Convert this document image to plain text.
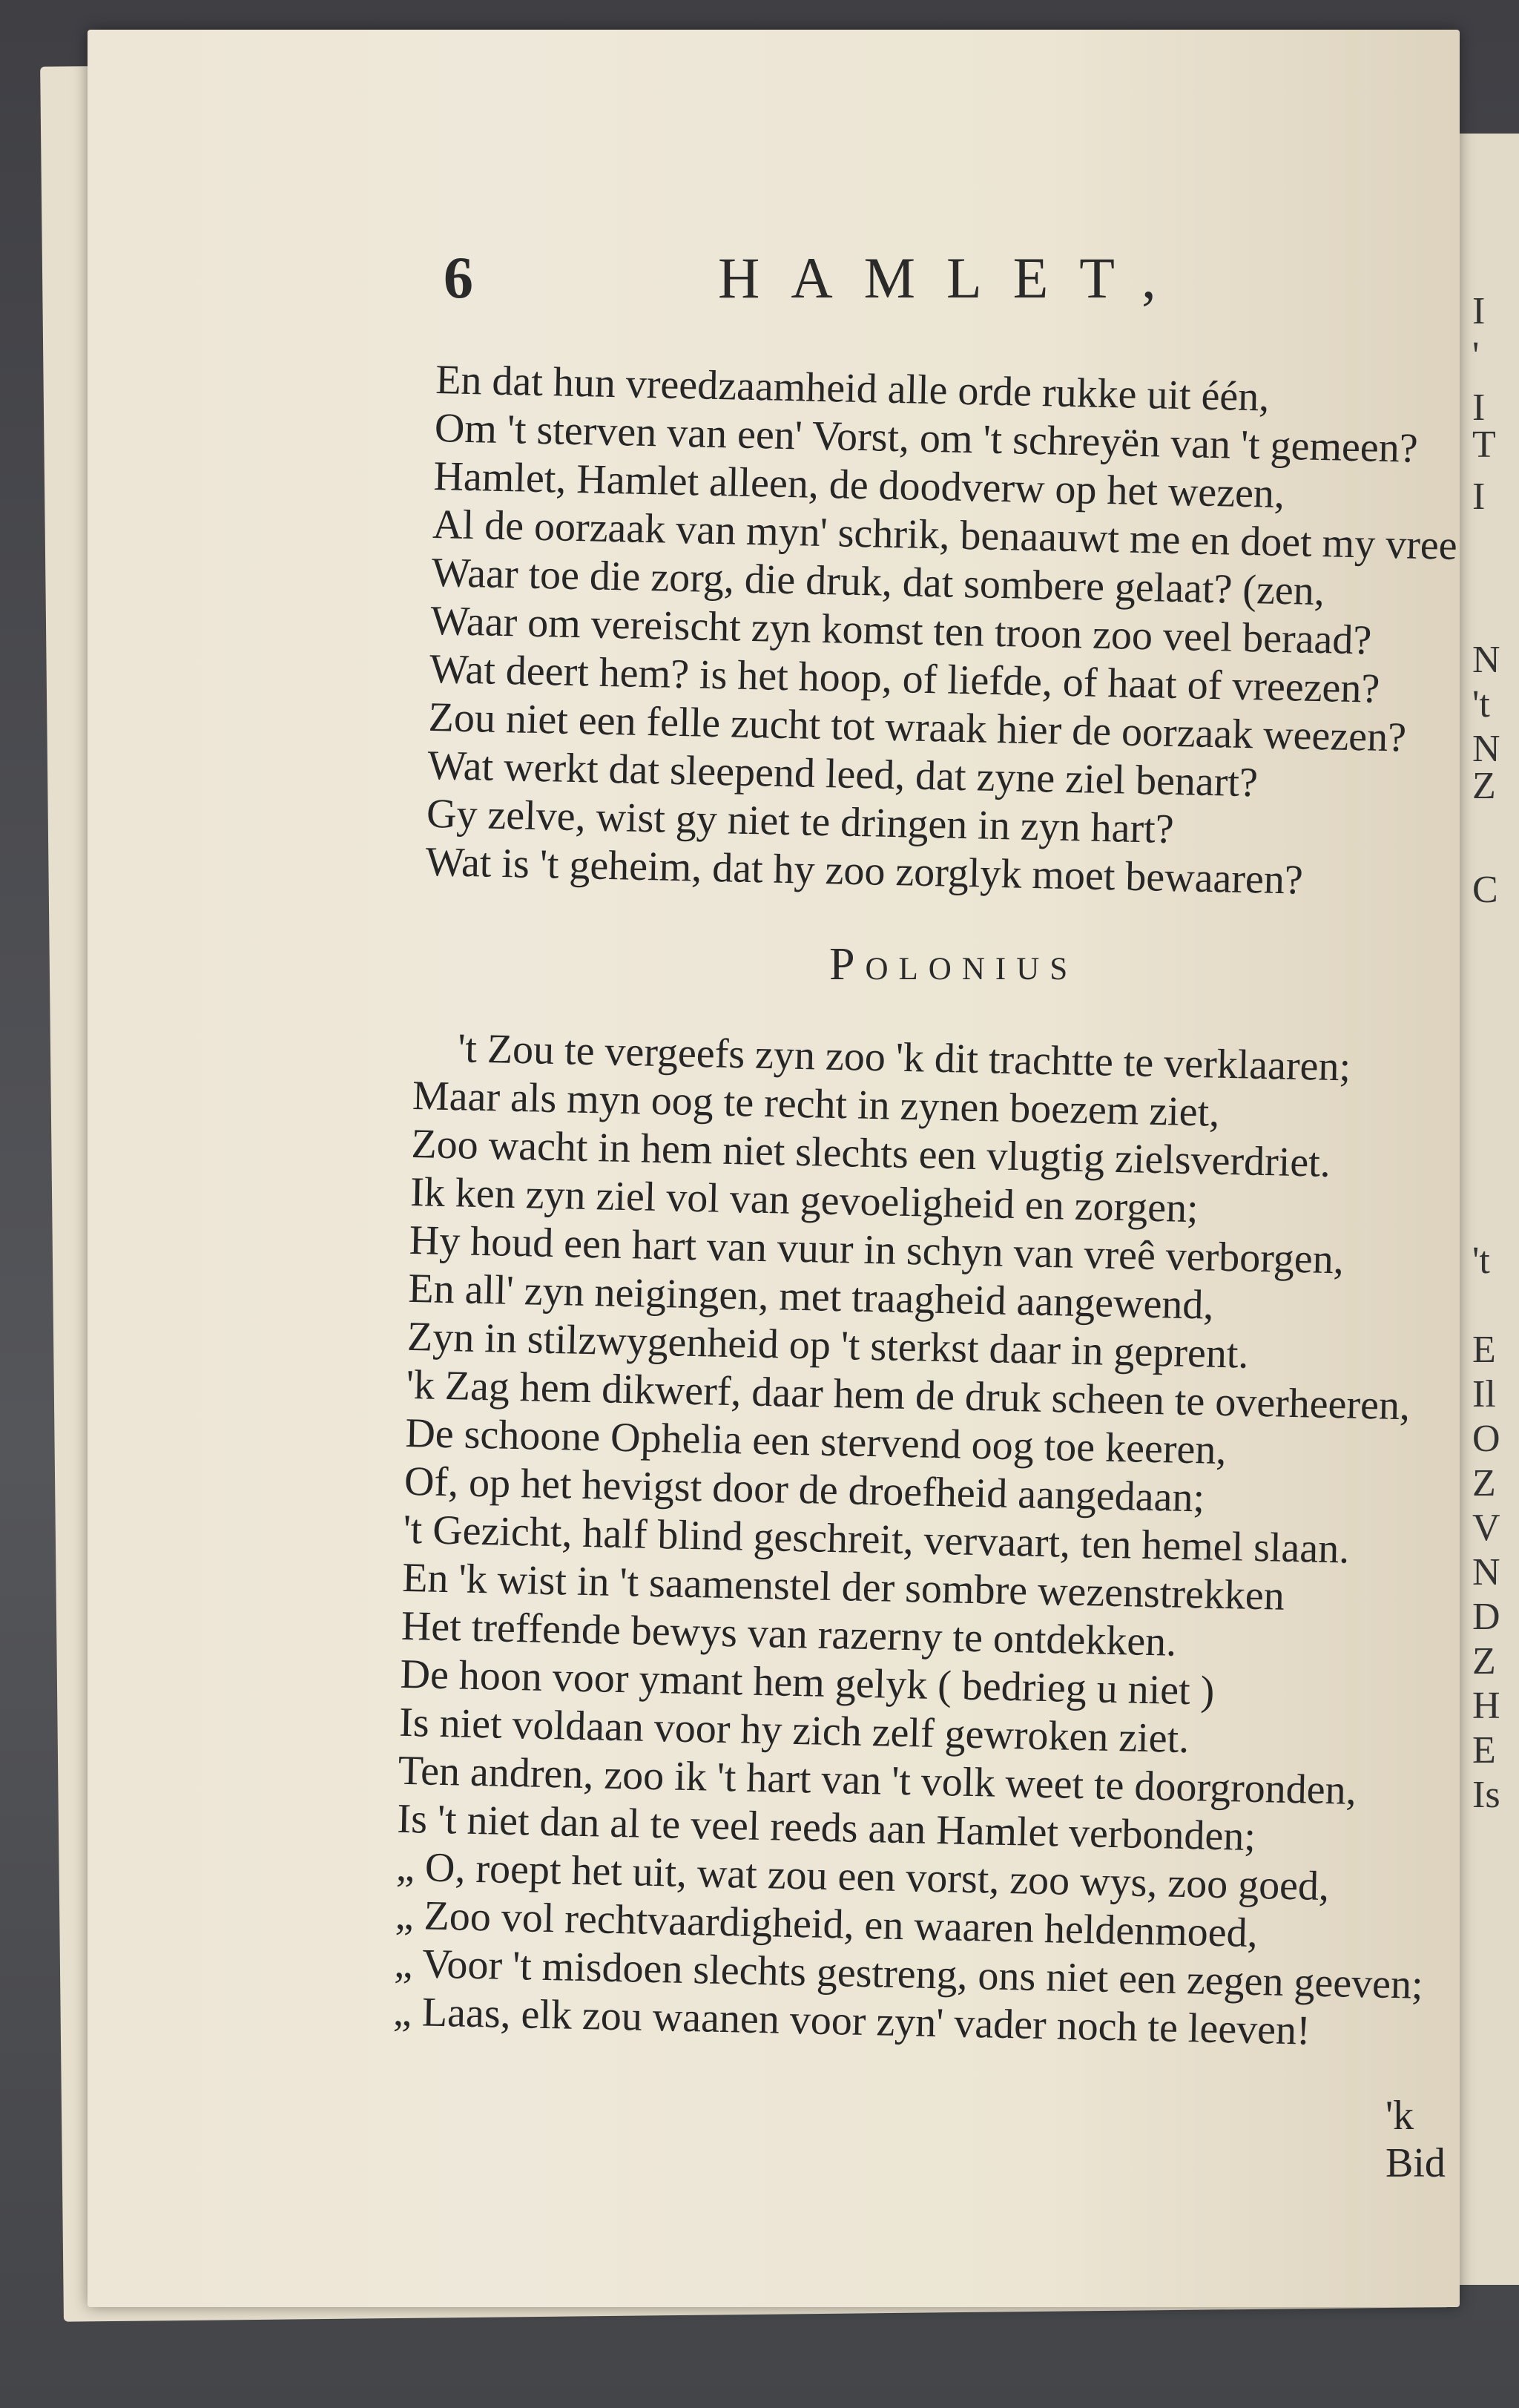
I
'
I
T
I
N
't
N
Z
C
't
E
Il
O
Z
V
N
D
Z
H
E
Is
6	HAMLET,
En dat hun vreedzaamheid alle orde rukke uit één,
Om 't sterven van een' Vorst, om 't schreyën van 't gemeen?
Hamlet, Hamlet alleen, de doodverw op het wezen,
Al de oorzaak van myn' schrik, benaauwt me en doet my vree
Waar toe die zorg, die druk, dat sombere gelaat? (zen,
Waar om vereischt zyn komst ten troon zoo veel beraad?
Wat deert hem? is het hoop, of liefde, of haat of vreezen?
Zou niet een felle zucht tot wraak hier de oorzaak weezen?
Wat werkt dat sleepend leed, dat zyne ziel benart?
Gy zelve, wist gy niet te dringen in zyn hart?
Wat is 't geheim, dat hy zoo zorglyk moet bewaaren?
Polonius
't Zou te vergeefs zyn zoo 'k dit trachtte te verklaaren;
Maar als myn oog te recht in zynen boezem ziet,
Zoo wacht in hem niet slechts een vlugtig zielsverdriet.
Ik ken zyn ziel vol van gevoeligheid en zorgen;
Hy houd een hart van vuur in schyn van vreê verborgen,
En all' zyn neigingen, met traagheid aangewend,
Zyn in stilzwygenheid op 't sterkst daar in geprent.
'k Zag hem dikwerf, daar hem de druk scheen te overheeren,
De schoone Ophelia een stervend oog toe keeren,
Of, op het hevigst door de droefheid aangedaan;
't Gezicht, half blind geschreit, vervaart, ten hemel slaan.
En 'k wist in 't saamenstel der sombre wezenstrekken
Het treffende bewys van razerny te ontdekken.
De hoon voor ymant hem gelyk ( bedrieg u niet )
Is niet voldaan voor hy zich zelf gewroken ziet.
Ten andren, zoo ik 't hart van 't volk weet te doorgronden,
Is 't niet dan al te veel reeds aan Hamlet verbonden;
„ O, roept het uit, wat zou een vorst, zoo wys, zoo goed,
„ Zoo vol rechtvaardigheid, en waaren heldenmoed,
„ Voor 't misdoen slechts gestreng, ons niet een zegen geeven;
„ Laas, elk zou waanen voor zyn' vader noch te leeven!
'k Bid
